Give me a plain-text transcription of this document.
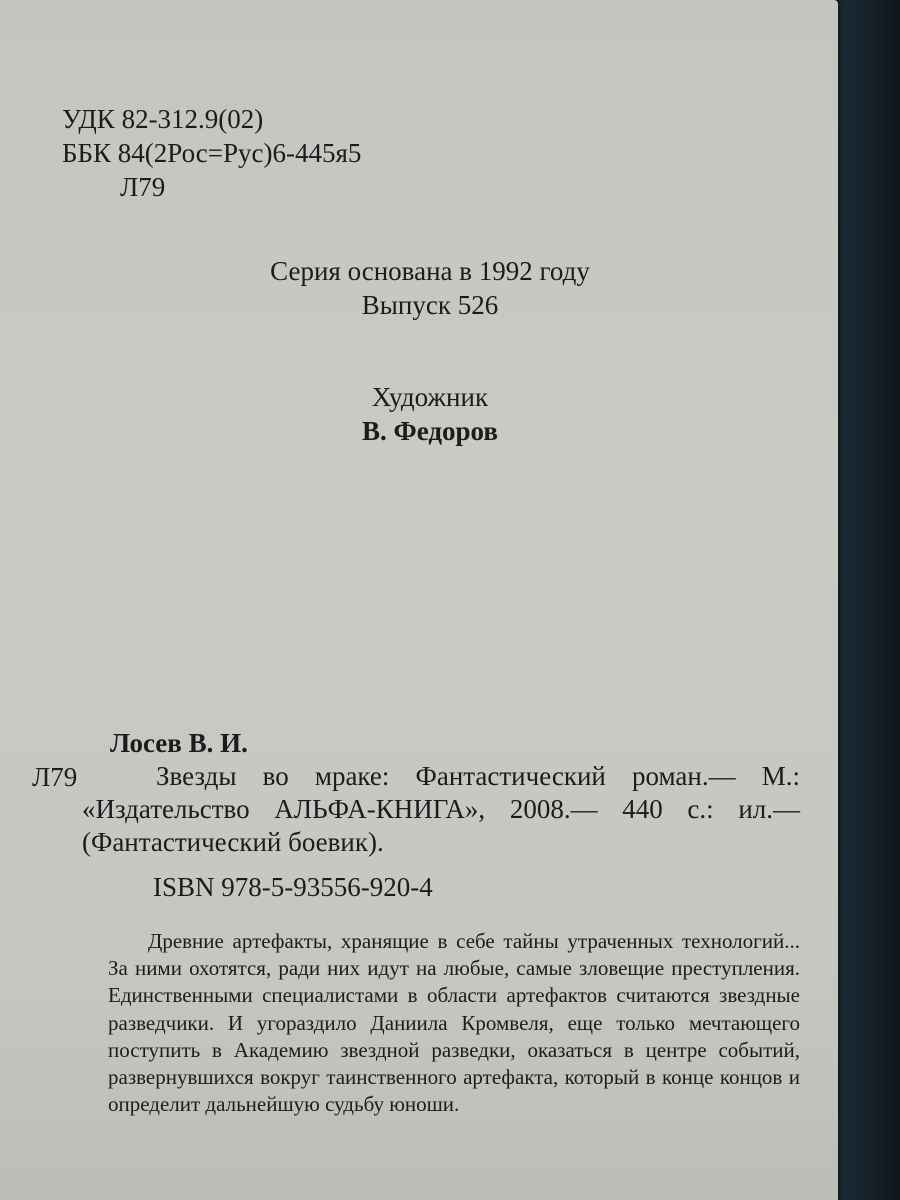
УДК 82-312.9(02)
ББК 84(2Рос=Рус)6-445я5
Л79
Серия основана в 1992 году
Выпуск 526
Художник
В. Федоров
Лосев В. И.
Л79	Звезды во мраке: Фантастический роман.— М.: «Издательство АЛЬФА-КНИГА», 2008.— 440 с.: ил.— (Фантастический боевик).

ISBN 978-5-93556-920-4

Древние артефакты, хранящие в себе тайны утраченных технологий... За ними охотятся, ради них идут на любые, самые зловещие преступления. Единственными специалистами в области артефактов считаются звездные разведчики. И угораздило Даниила Кромвеля, еще только мечтающего поступить в Академию звездной разведки, оказаться в центре событий, развернувшихся вокруг таинственного артефакта, который в конце концов и определит дальнейшую судьбу юноши.
